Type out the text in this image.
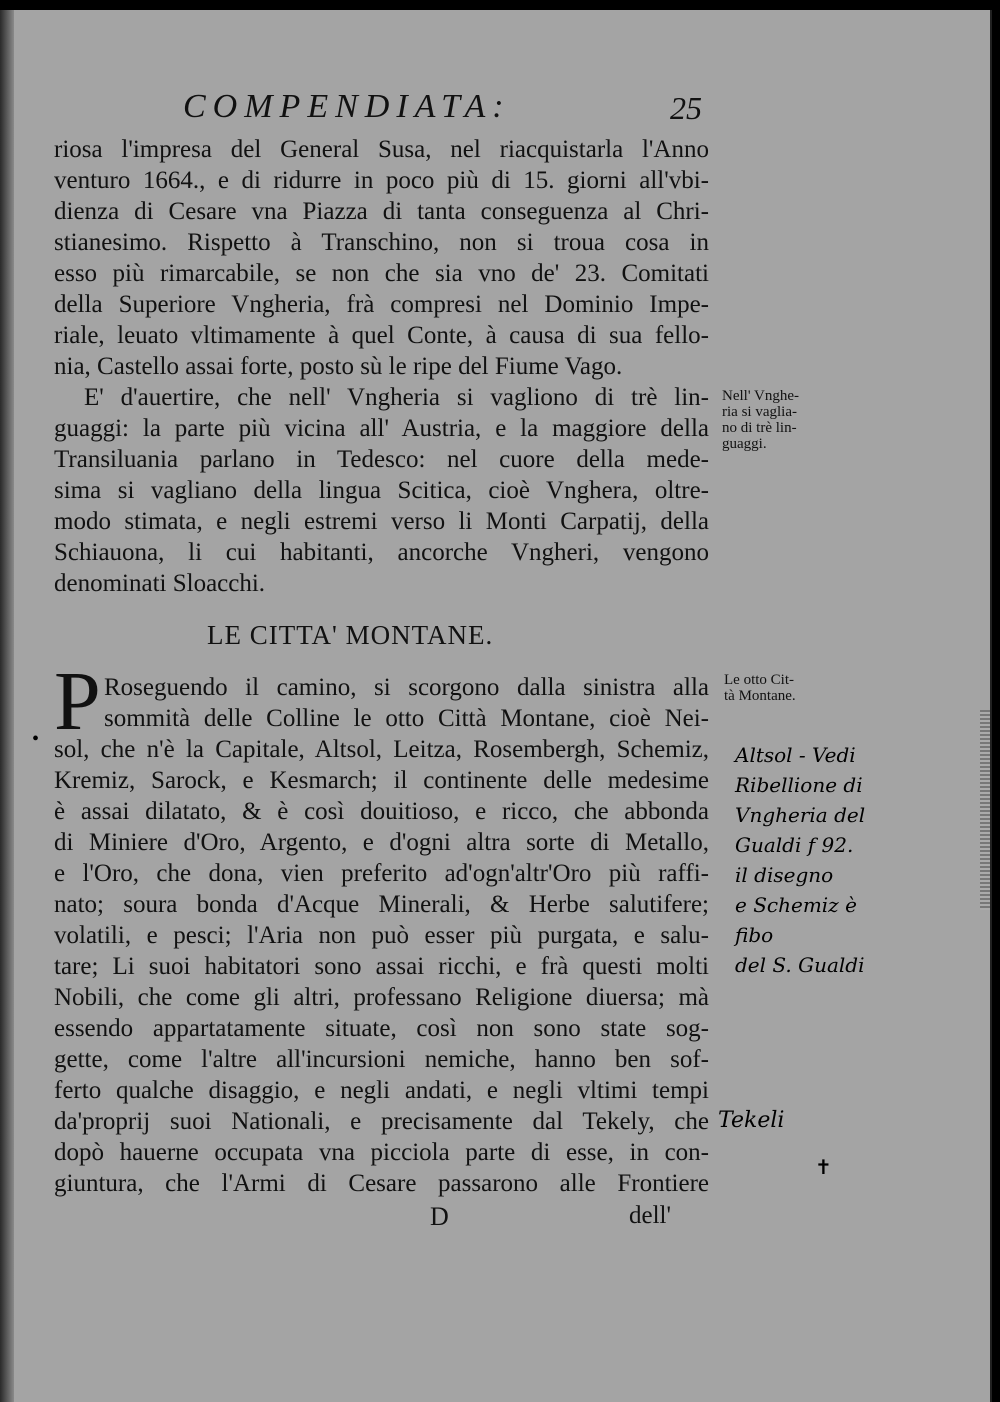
COMPENDIATA:	25
riosa l'impresa del General Susa, nel riacquistarla l'Anno
venturo 1664., e di ridurre in poco più di 15. giorni all'vbi-
dienza di Cesare vna Piazza di tanta conseguenza al Chri-
stianesimo. Rispetto à Transchino, non si troua cosa in
esso più rimarcabile, se non che sia vno de' 23. Comitati
della Superiore Vngheria, frà compresi nel Dominio Impe-
riale, leuato vltimamente à quel Conte, à causa di sua fello-
nia, Castello assai forte, posto sù le ripe del Fiume Vago.
E' d'auertire, che nell' Vngheria si vagliono di trè lin-
guaggi: la parte più vicina all' Austria, e la maggiore della
Transiluania parlano in Tedesco: nel cuore della mede-
sima si vagliano della lingua Scitica, cioè Vnghera, oltre-
modo stimata, e negli estremi verso li Monti Carpatij, della
Schiauona, li cui habitanti, ancorche Vngheri, vengono
denominati Sloacchi.
LE CITTA' MONTANE.
P Roseguendo il camino, si scorgono dalla sinistra alla
sommità delle Colline le otto Città Montane, cioè Nei-
sol, che n'è la Capitale, Altsol, Leitza, Rosembergh, Schemiz,
Kremiz, Sarock, e Kesmarch; il continente delle medesime
è assai dilatato, & è così douitioso, e ricco, che abbonda
di Miniere d'Oro, Argento, e d'ogni altra sorte di Metallo,
e l'Oro, che dona, vien preferito ad'ogn'altr'Oro più raffi-
nato; soura bonda d'Acque Minerali, & Herbe salutifere;
volatili, e pesci; l'Aria non può esser più purgata, e salu-
tare; Li suoi habitatori sono assai ricchi, e frà questi molti
Nobili, che come gli altri, professano Religione diuersa; mà
essendo appartatamente situate, così non sono state sog-
gette, come l'altre all'incursioni nemiche, hanno ben sof-
ferto qualche disaggio, e negli andati, e negli vltimi tempi
da'proprij suoi Nationali, e precisamente dal Tekely, che
dopò hauerne occupata vna picciola parte di esse, in con-
giuntura, che l'Armi di Cesare passarono alle Frontiere
Nell' Vnghe-
ria si vaglia-
no di trè lin-
guaggi.
Le otto Cit-
tà Montane.
Altsol - Vedi
Ribellione di
Vngheria del
Gualdi f 92.
il disegno
e Schemiz è fibo
del S. Gualdi
Tekeli
•
✝
D	dell'
